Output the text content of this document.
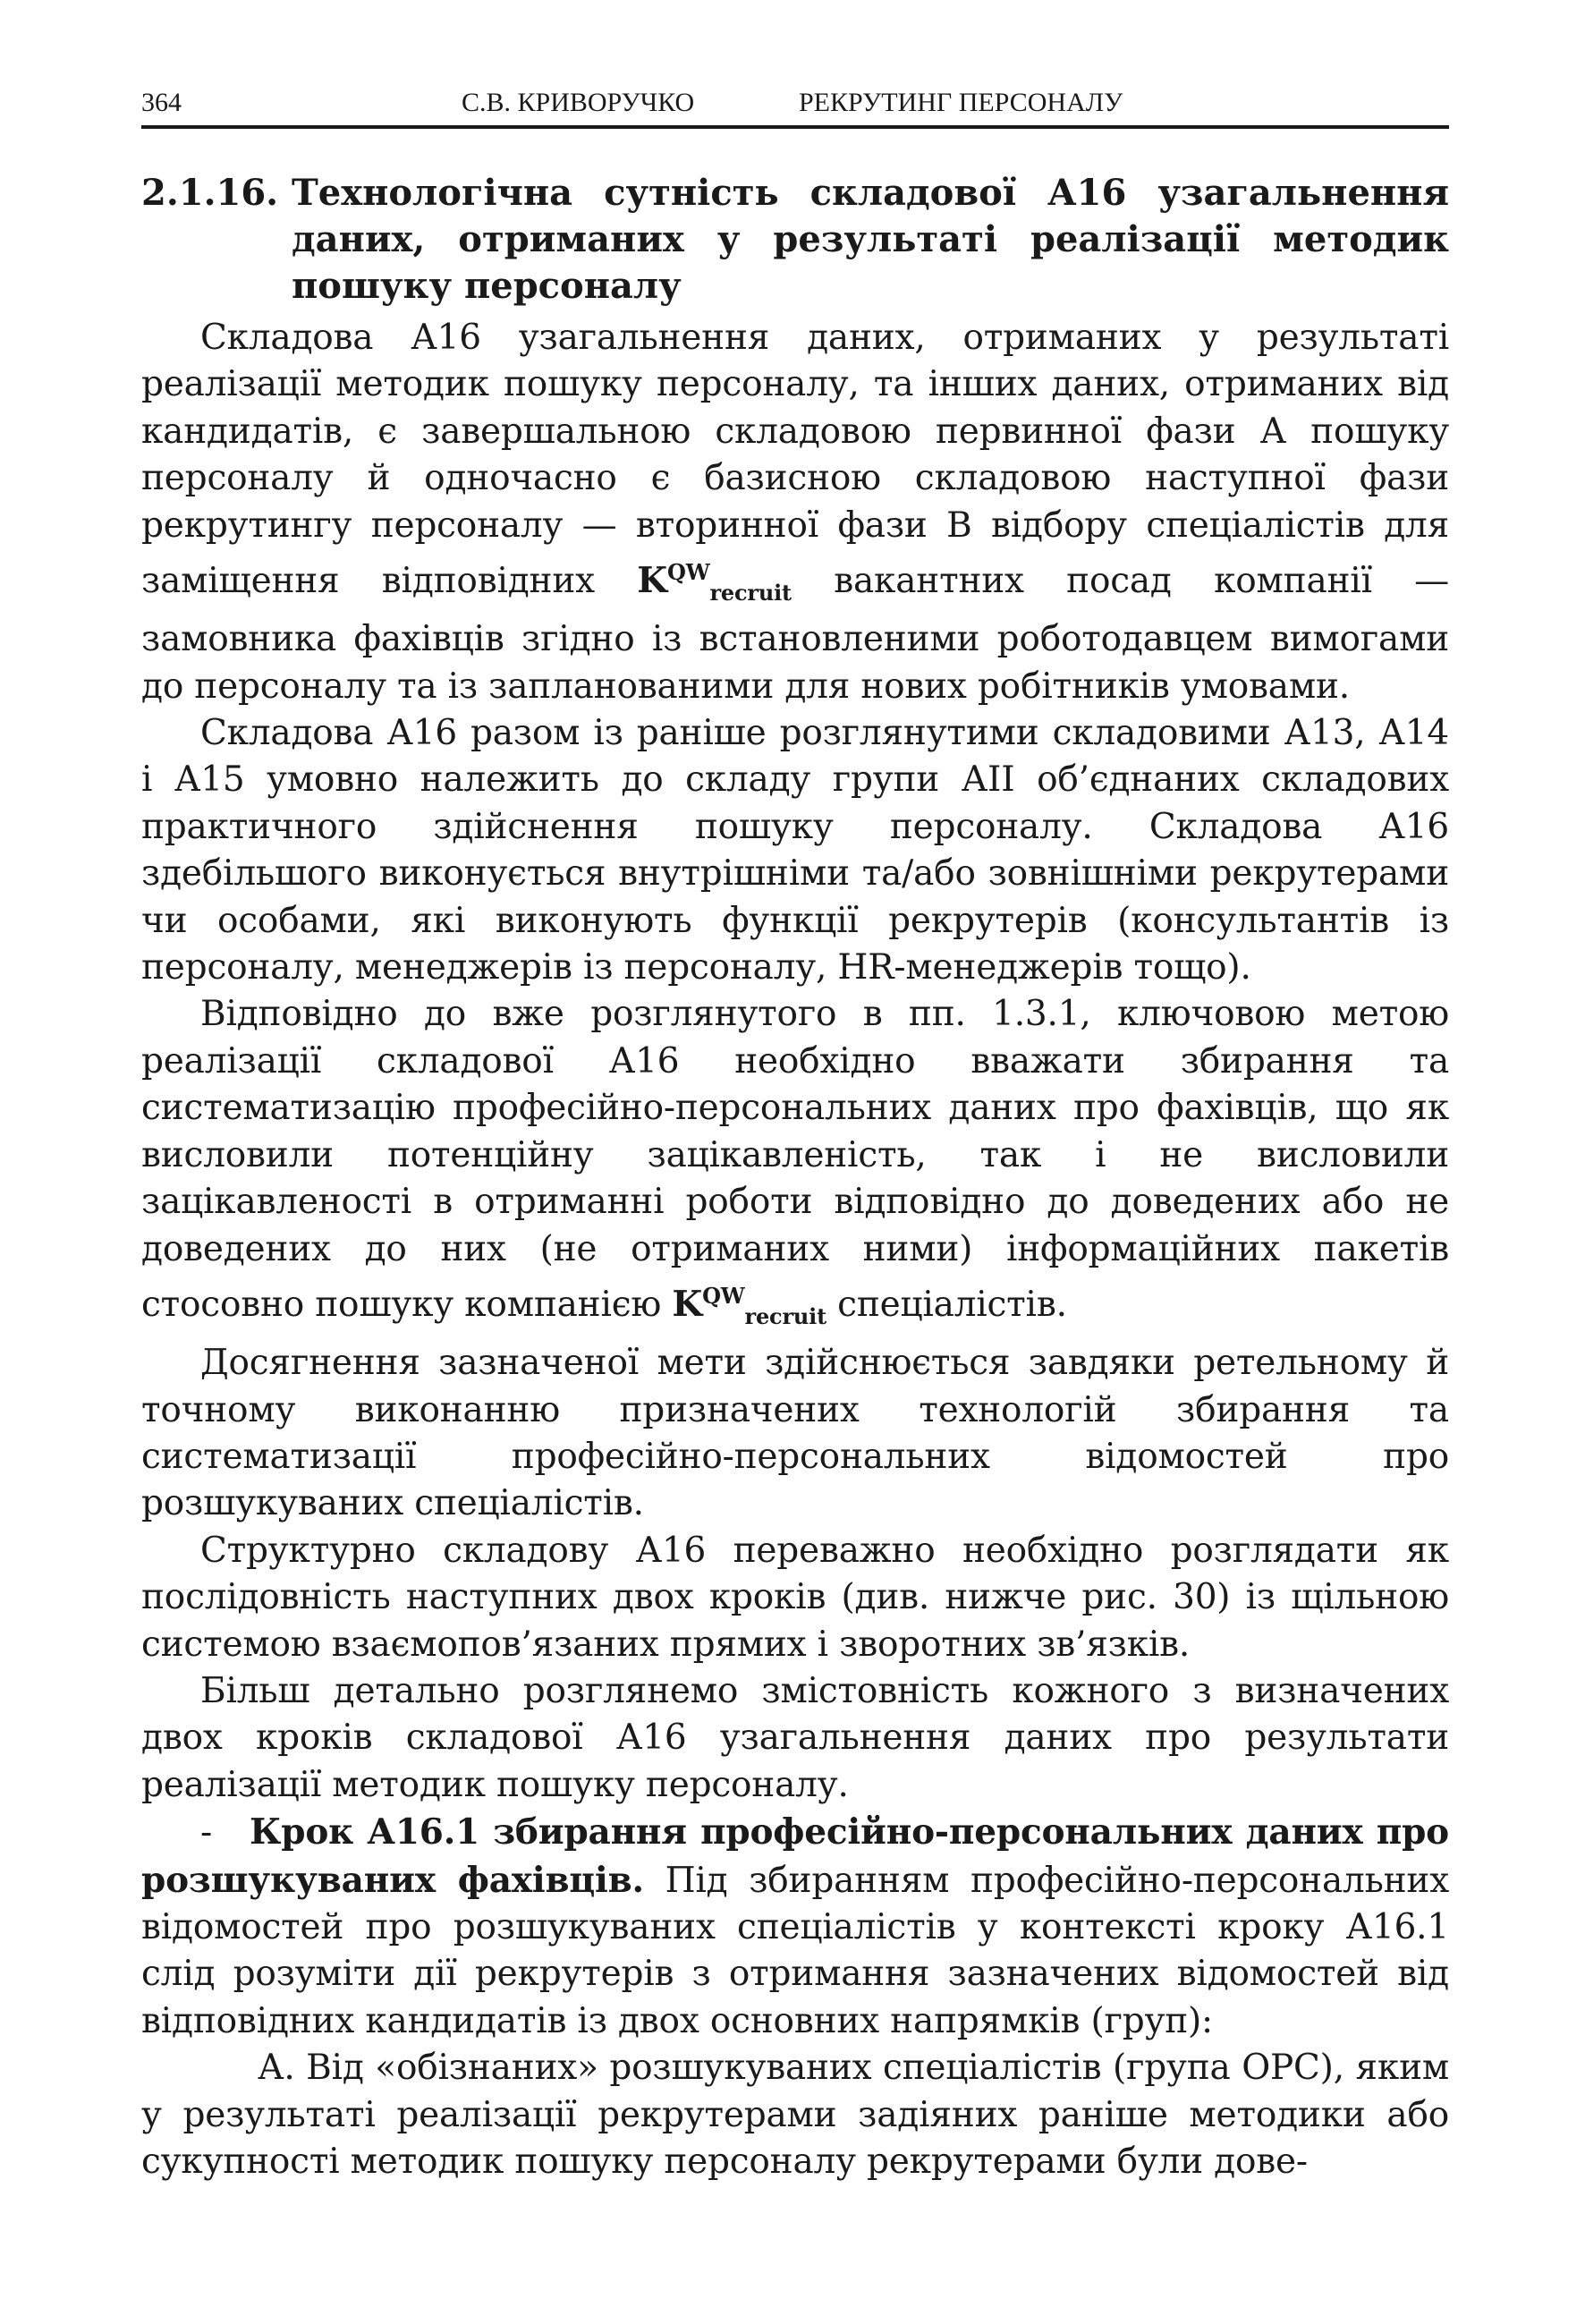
364	С.В. КРИВОРУЧКО	РЕКРУТИНГ ПЕРСОНАЛУ
2.1.16. Технологічна сутність складової А16 узагальнення даних, отриманих у результаті реалізації методик пошуку персоналу

Складова А16 узагальнення даних, отриманих у результаті реалізації методик пошуку персоналу, та інших даних, отриманих від кандидатів, є завершальною складовою первинної фази А пошуку персоналу й одночасно є базисною складовою наступної фази рекрутингу персоналу — вторинної фази В відбору спеціалістів для заміщення відповідних $K^{QW}_{recruit}$ вакантних посад компанії — замовника фахівців згідно із встановленими роботодавцем вимогами до персоналу та із запланованими для нових робітників умовами.

Складова А16 разом із раніше розглянутими складовими А13, А14 і А15 умовно належить до складу групи АII об’єднаних складових практичного здійснення пошуку персоналу. Складова А16 здебільшого виконується внутрішніми та/або зовнішніми рекрутерами чи особами, які виконують функції рекрутерів (консультантів із персоналу, менеджерів із персоналу, HR-менеджерів тощо).

Відповідно до вже розглянутого в пп. 1.3.1, ключовою метою реалізації складової А16 необхідно вважати збирання та систематизацію професійно-персональних даних про фахівців, що як висловили потенційну зацікавленість, так і не висловили зацікавленості в отриманні роботи відповідно до доведених або не доведених до них (не отриманих ними) інформаційних пакетів стосовно пошуку компанією $K^{QW}_{recruit}$ спеціалістів.

Досягнення зазначеної мети здійснюється завдяки ретельному й точному виконанню призначених технологій збирання та систематизації професійно-персональних відомостей про розшукуваних спеціалістів.

Структурно складову А16 переважно необхідно розглядати як послідовність наступних двох кроків (див. нижче рис. 30) із щільною системою взаємопов’язаних прямих і зворотних зв’язків.

Більш детально розглянемо змістовність кожного з визначених двох кроків складової А16 узагальнення даних про результати реалізації методик пошуку персоналу.

- Крок А16.1 збирання професійно-персональних даних про розшукуваних фахівців. Під збиранням професійно-персональних відомостей про розшукуваних спеціалістів у контексті кроку А16.1 слід розуміти дії рекрутерів з отримання зазначених відомостей від відповідних кандидатів із двох основних напрямків (груп):

А. Від «обізнаних» розшукуваних спеціалістів (група ОРС), яким у результаті реалізації рекрутерами задіяних раніше методики або сукупності методик пошуку персоналу рекрутерами були дове-
